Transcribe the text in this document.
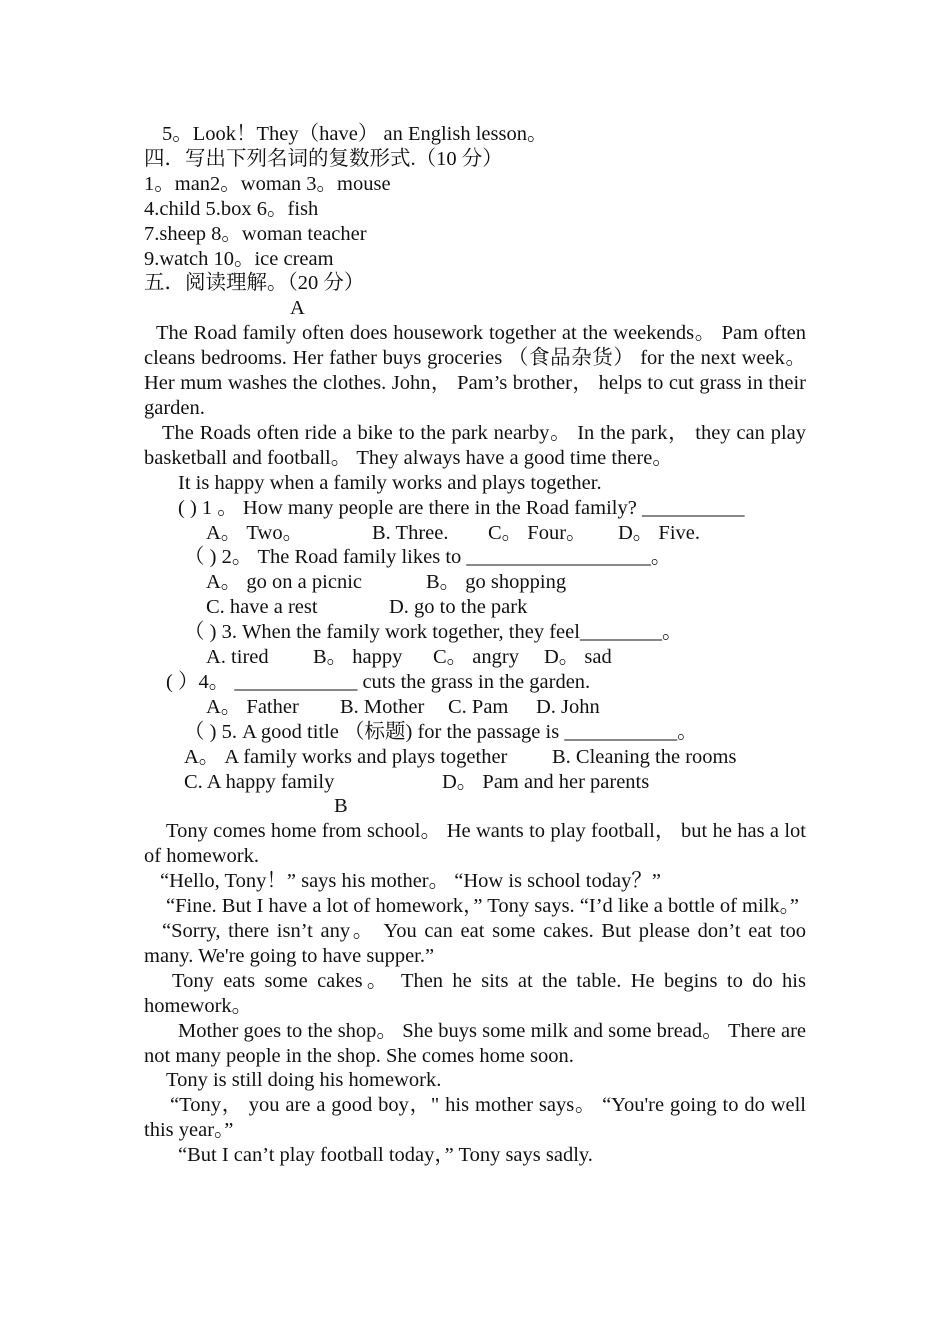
5。Look！They（have） an English lesson。
四．写出下列名词的复数形式.（10 分）
1。man2。woman 3。mouse
4.child 5.box 6。fish
7.sheep 8。woman teacher
9.watch 10。ice cream
五．阅读理解。（20 分）
A
The Road family often does housework together at the weekends。 Pam often cleans bedrooms. Her father buys groceries （食品杂货） for the next week。 Her mum washes the clothes. John， Pam’s brother， helps to cut grass in their garden.
The Roads often ride a bike to the park nearby。 In the park， they can play basketball and football。 They always have a good time there。
It is happy when a family works and plays together.
( ) 1 。 How many people are there in the Road family? __________
A。 Two。	B. Three. C。 Four。 D。 Five.
（ ) 2。 The Road family likes to __________________。
A。 go on a picnic	B。 go shopping
C. have a rest	D. go to the park
（ ) 3. When the family work together, they feel________。
A. tired B。 happy C。 angry D。 sad
( ）4。 ____________ cuts the grass in the garden.
A。 Father B. Mother C. Pam D. John
（ ) 5. A good title （标题) for the passage is ___________。
A。 A family works and plays together B. Cleaning the rooms
C. A happy family	D。 Pam and her parents
B
Tony comes home from school。 He wants to play football， but he has a lot of homework.
“Hello, Tony！” says his mother。 “How is school today？”
“Fine. But I have a lot of homework，” Tony says. “I’d like a bottle of milk。”
“Sorry, there isn’t any。 You can eat some cakes. But please don’t eat too many. We're going to have supper.”
Tony eats some cakes。 Then he sits at the table. He begins to do his homework。
Mother goes to the shop。 She buys some milk and some bread。 There are not many people in the shop. She comes home soon.
Tony is still doing his homework.
“Tony， you are a good boy，" his mother says。 “You're going to do well this year。”
“But I can’t play football today，” Tony says sadly.
